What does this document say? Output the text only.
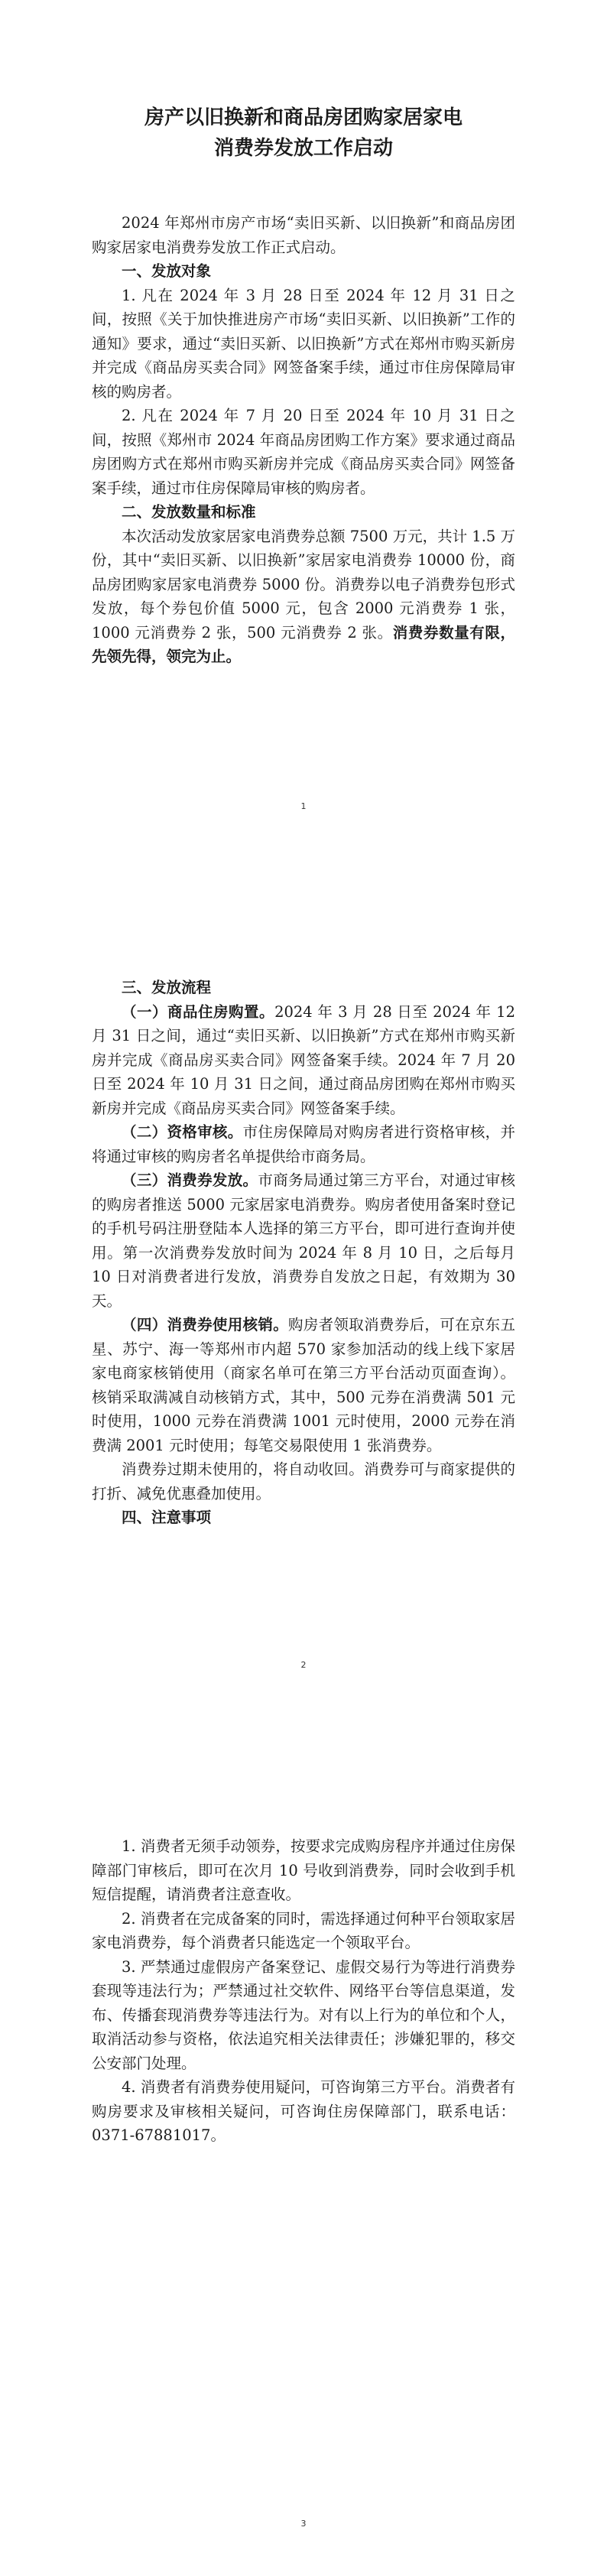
房产以旧换新和商品房团购家居家电
消费券发放工作启动

2024 年郑州市房产市场“卖旧买新、以旧换新”和商品房团购家居家电消费券发放工作正式启动。

一、发放对象

1. 凡在 2024 年 3 月 28 日至 2024 年 12 月 31 日之间，按照《关于加快推进房产市场“卖旧买新、以旧换新”工作的通知》要求，通过“卖旧买新、以旧换新”方式在郑州市购买新房并完成《商品房买卖合同》网签备案手续，通过市住房保障局审核的购房者。

2. 凡在 2024 年 7 月 20 日至 2024 年 10 月 31 日之间，按照《郑州市 2024 年商品房团购工作方案》要求通过商品房团购方式在郑州市购买新房并完成《商品房买卖合同》网签备案手续，通过市住房保障局审核的购房者。

二、发放数量和标准

本次活动发放家居家电消费券总额 7500 万元，共计 1.5 万份，其中“卖旧买新、以旧换新”家居家电消费券 10000 份，商品房团购家居家电消费券 5000 份。消费券以电子消费券包形式发放，每个券包价值 5000 元，包含 2000 元消费券 1 张，1000 元消费券 2 张，500 元消费券 2 张。消费券数量有限，先领先得，领完为止。

1

三、发放流程

（一）商品住房购置。2024 年 3 月 28 日至 2024 年 12 月 31 日之间，通过“卖旧买新、以旧换新”方式在郑州市购买新房并完成《商品房买卖合同》网签备案手续。2024 年 7 月 20 日至 2024 年 10 月 31 日之间，通过商品房团购在郑州市购买新房并完成《商品房买卖合同》网签备案手续。

（二）资格审核。市住房保障局对购房者进行资格审核，并将通过审核的购房者名单提供给市商务局。

（三）消费券发放。市商务局通过第三方平台，对通过审核的购房者推送 5000 元家居家电消费券。购房者使用备案时登记的手机号码注册登陆本人选择的第三方平台，即可进行查询并使用。第一次消费券发放时间为 2024 年 8 月 10 日，之后每月 10 日对消费者进行发放，消费券自发放之日起，有效期为 30 天。

（四）消费券使用核销。购房者领取消费券后，可在京东五星、苏宁、海一等郑州市内超 570 家参加活动的线上线下家居家电商家核销使用（商家名单可在第三方平台活动页面查询）。核销采取满减自动核销方式，其中，500 元券在消费满 501 元时使用，1000 元券在消费满 1001 元时使用，2000 元券在消费满 2001 元时使用；每笔交易限使用 1 张消费券。

消费券过期未使用的，将自动收回。消费券可与商家提供的打折、减免优惠叠加使用。

四、注意事项

2

1. 消费者无须手动领券，按要求完成购房程序并通过住房保障部门审核后，即可在次月 10 号收到消费券，同时会收到手机短信提醒，请消费者注意查收。

2. 消费者在完成备案的同时，需选择通过何种平台领取家居家电消费券，每个消费者只能选定一个领取平台。

3. 严禁通过虚假房产备案登记、虚假交易行为等进行消费券套现等违法行为；严禁通过社交软件、网络平台等信息渠道，发布、传播套现消费券等违法行为。对有以上行为的单位和个人，取消活动参与资格，依法追究相关法律责任；涉嫌犯罪的，移交公安部门处理。

4. 消费者有消费券使用疑问，可咨询第三方平台。消费者有购房要求及审核相关疑问，可咨询住房保障部门，联系电话：0371-67881017。

3
